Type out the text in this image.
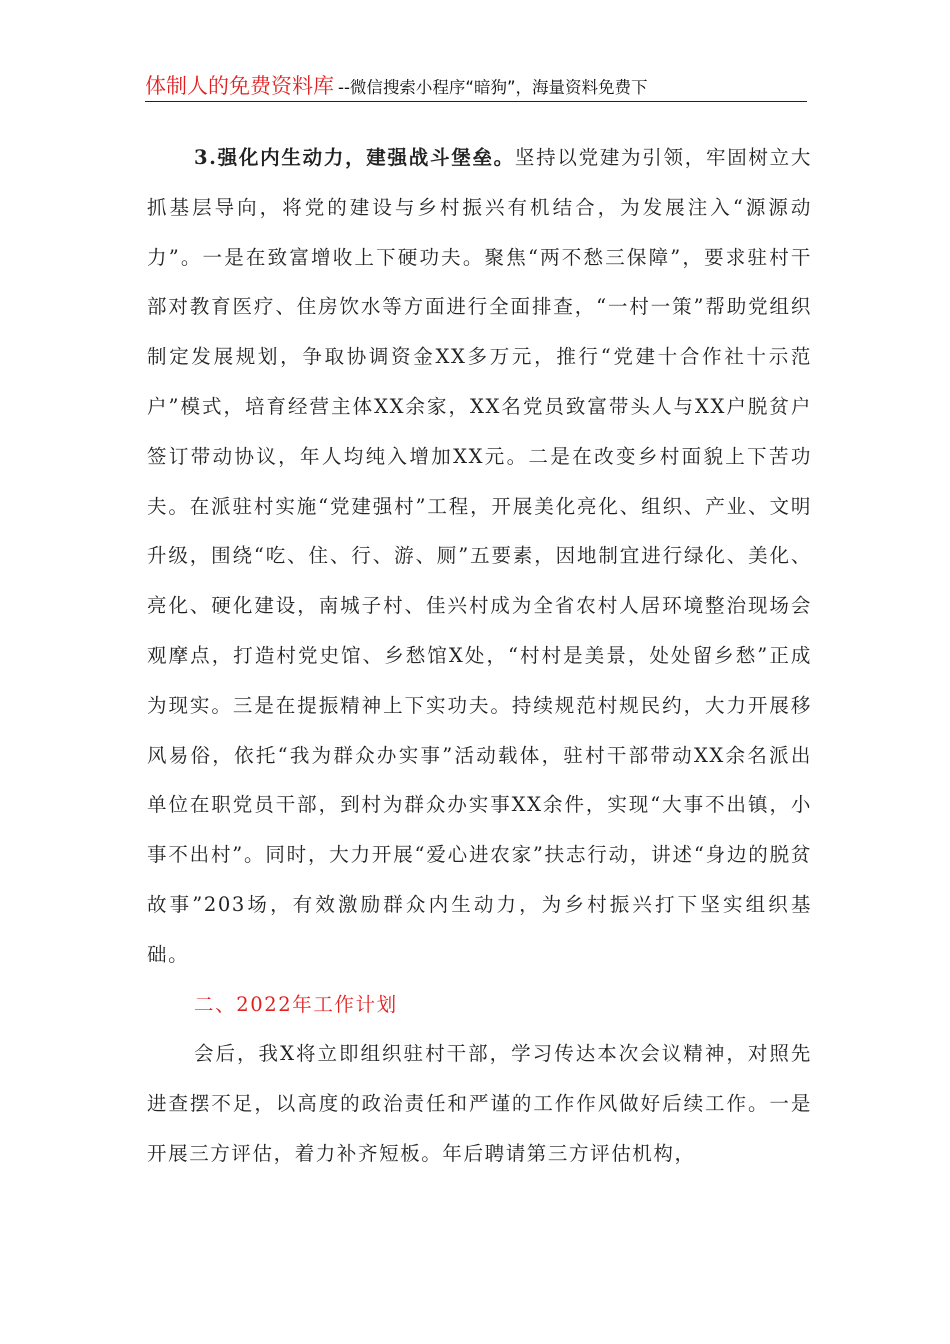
体制人的免费资料库 --微信搜索小程序“暗狗”，海量资料免费下

3.强化内生动力，建强战斗堡垒。坚持以党建为引领，牢固树立大抓基层导向，将党的建设与乡村振兴有机结合，为发展注入“源源动力”。一是在致富增收上下硬功夫。聚焦“两不愁三保障”，要求驻村干部对教育医疗、住房饮水等方面进行全面排查，“一村一策”帮助党组织制定发展规划，争取协调资金XX多万元，推行“党建十合作社十示范户”模式，培育经营主体XX余家，XX名党员致富带头人与XX户脱贫户签订带动协议，年人均纯入增加XX元。二是在改变乡村面貌上下苦功夫。在派驻村实施“党建强村”工程，开展美化亮化、组织、产业、文明升级，围绕“吃、住、行、游、厕”五要素，因地制宜进行绿化、美化、亮化、硬化建设，南城子村、佳兴村成为全省农村人居环境整治现场会观摩点，打造村党史馆、乡愁馆X处，“村村是美景，处处留乡愁”正成为现实。三是在提振精神上下实功夫。持续规范村规民约，大力开展移风易俗，依托“我为群众办实事”活动载体，驻村干部带动XX余名派出单位在职党员干部，到村为群众办实事XX余件，实现“大事不出镇，小事不出村”。同时，大力开展“爱心进农家”扶志行动，讲述“身边的脱贫故事”203场，有效激励群众内生动力，为乡村振兴打下坚实组织基础。

二、2022年工作计划

会后，我X将立即组织驻村干部，学习传达本次会议精神，对照先进查摆不足，以高度的政治责任和严谨的工作作风做好后续工作。一是开展三方评估，着力补齐短板。年后聘请第三方评估机构，
